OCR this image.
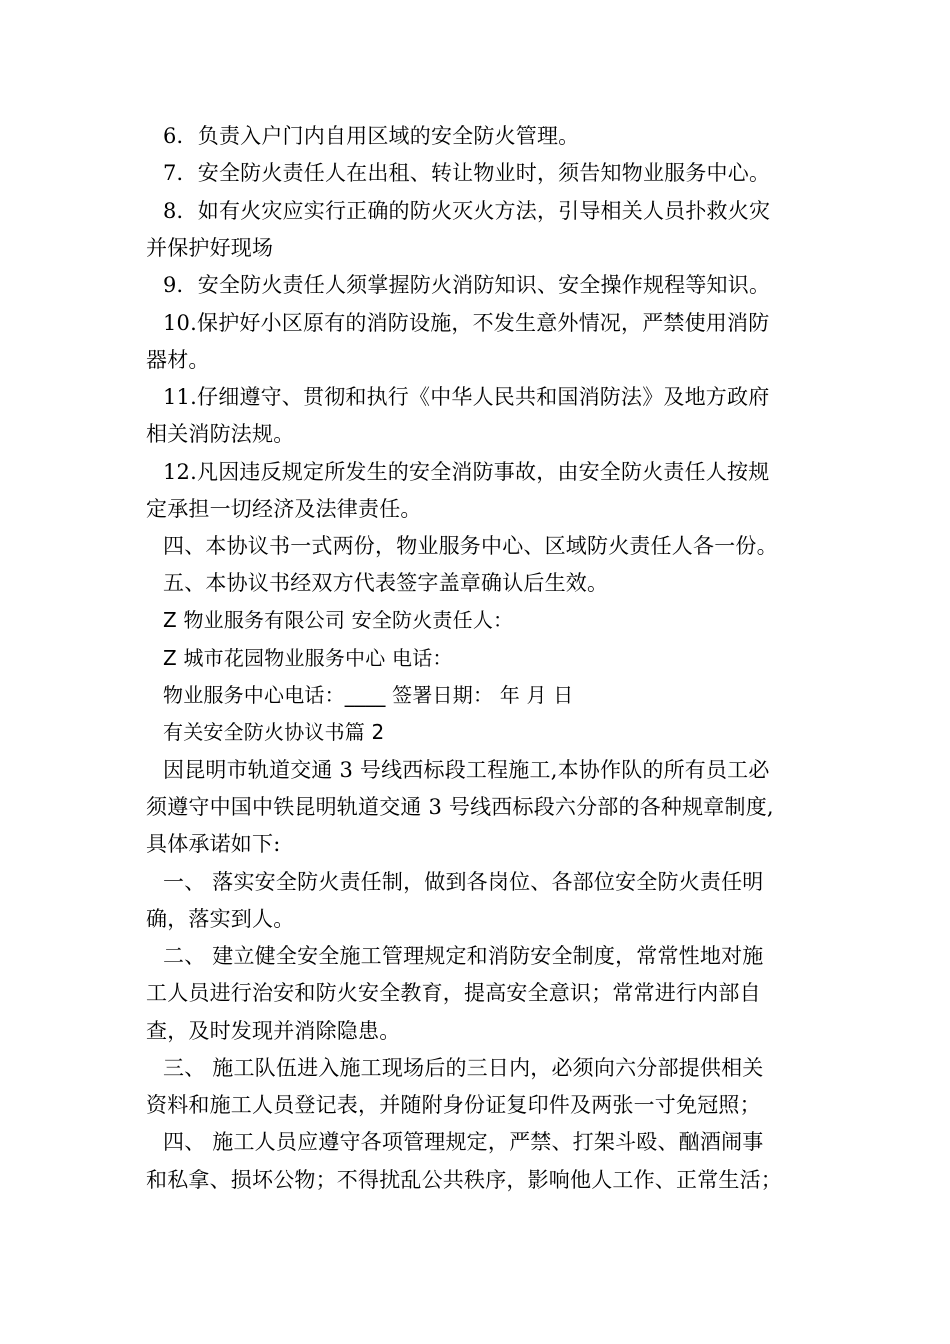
6．负责入户门内自用区域的安全防火管理。
7．安全防火责任人在出租、转让物业时，须告知物业服务中心。
8．如有火灾应实行正确的防火灭火方法，引导相关人员扑救火灾
并保护好现场
9．安全防火责任人须掌握防火消防知识、安全操作规程等知识。
10.保护好小区原有的消防设施，不发生意外情况，严禁使用消防
器材。
11.仔细遵守、贯彻和执行《中华人民共和国消防法》及地方政府
相关消防法规。
12.凡因违反规定所发生的安全消防事故，由安全防火责任人按规
定承担一切经济及法律责任。
四、本协议书一式两份，物业服务中心、区域防火责任人各一份。
五、本协议书经双方代表签字盖章确认后生效。
Z 物业服务有限公司 安全防火责任人：
Z 城市花园物业服务中心 电话：
物业服务中心电话：____ 签署日期： 年 月 日
有关安全防火协议书篇 2
因昆明市轨道交通 3 号线西标段工程施工,本协作队的所有员工必
须遵守中国中铁昆明轨道交通 3 号线西标段六分部的各种规章制度,
具体承诺如下:
一、 落实安全防火责任制，做到各岗位、各部位安全防火责任明
确，落实到人。
二、 建立健全安全施工管理规定和消防安全制度，常常性地对施
工人员进行治安和防火安全教育，提高安全意识；常常进行内部自
查，及时发现并消除隐患。
三、 施工队伍进入施工现场后的三日内，必须向六分部提供相关
资料和施工人员登记表，并随附身份证复印件及两张一寸免冠照；
四、 施工人员应遵守各项管理规定，严禁、打架斗殴、酗酒闹事
和私拿、损坏公物；不得扰乱公共秩序，影响他人工作、正常生活；
